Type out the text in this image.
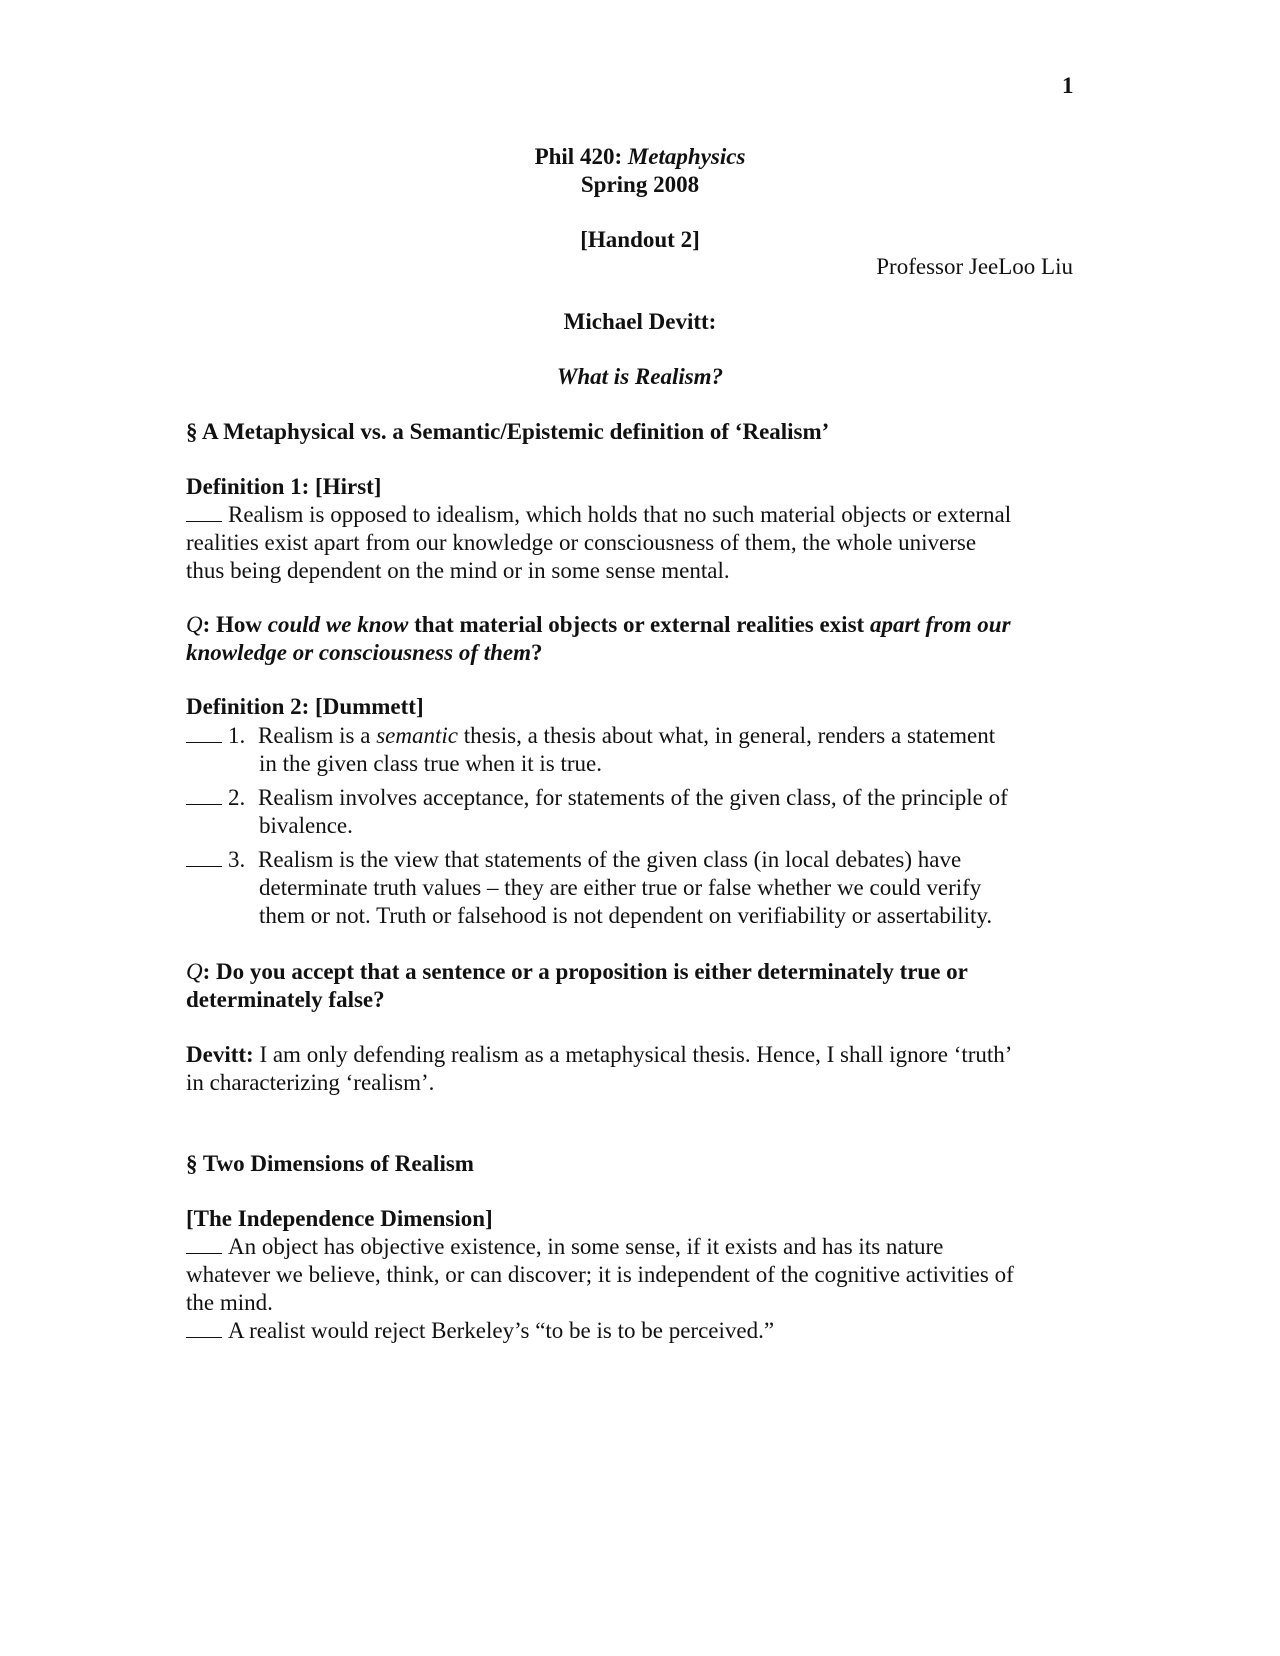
1
Phil 420: Metaphysics
Spring 2008
[Handout 2]
Professor JeeLoo Liu
Michael Devitt:
What is Realism?
§ A Metaphysical vs. a Semantic/Epistemic definition of ‘Realism’
Definition 1: [Hirst]
Realism is opposed to idealism, which holds that no such material objects or external
realities exist apart from our knowledge or consciousness of them, the whole universe
thus being dependent on the mind or in some sense mental.
Q: How could we know that material objects or external realities exist apart from our
knowledge or consciousness of them?
Definition 2: [Dummett]
1. Realism is a semantic thesis, a thesis about what, in general, renders a statement
in the given class true when it is true.
2. Realism involves acceptance, for statements of the given class, of the principle of
bivalence.
3. Realism is the view that statements of the given class (in local debates) have
determinate truth values – they are either true or false whether we could verify
them or not. Truth or falsehood is not dependent on verifiability or assertability.
Q: Do you accept that a sentence or a proposition is either determinately true or
determinately false?
Devitt: I am only defending realism as a metaphysical thesis. Hence, I shall ignore ‘truth’
in characterizing ‘realism’.
§ Two Dimensions of Realism
[The Independence Dimension]
An object has objective existence, in some sense, if it exists and has its nature
whatever we believe, think, or can discover; it is independent of the cognitive activities of
the mind.
A realist would reject Berkeley’s “to be is to be perceived.”
